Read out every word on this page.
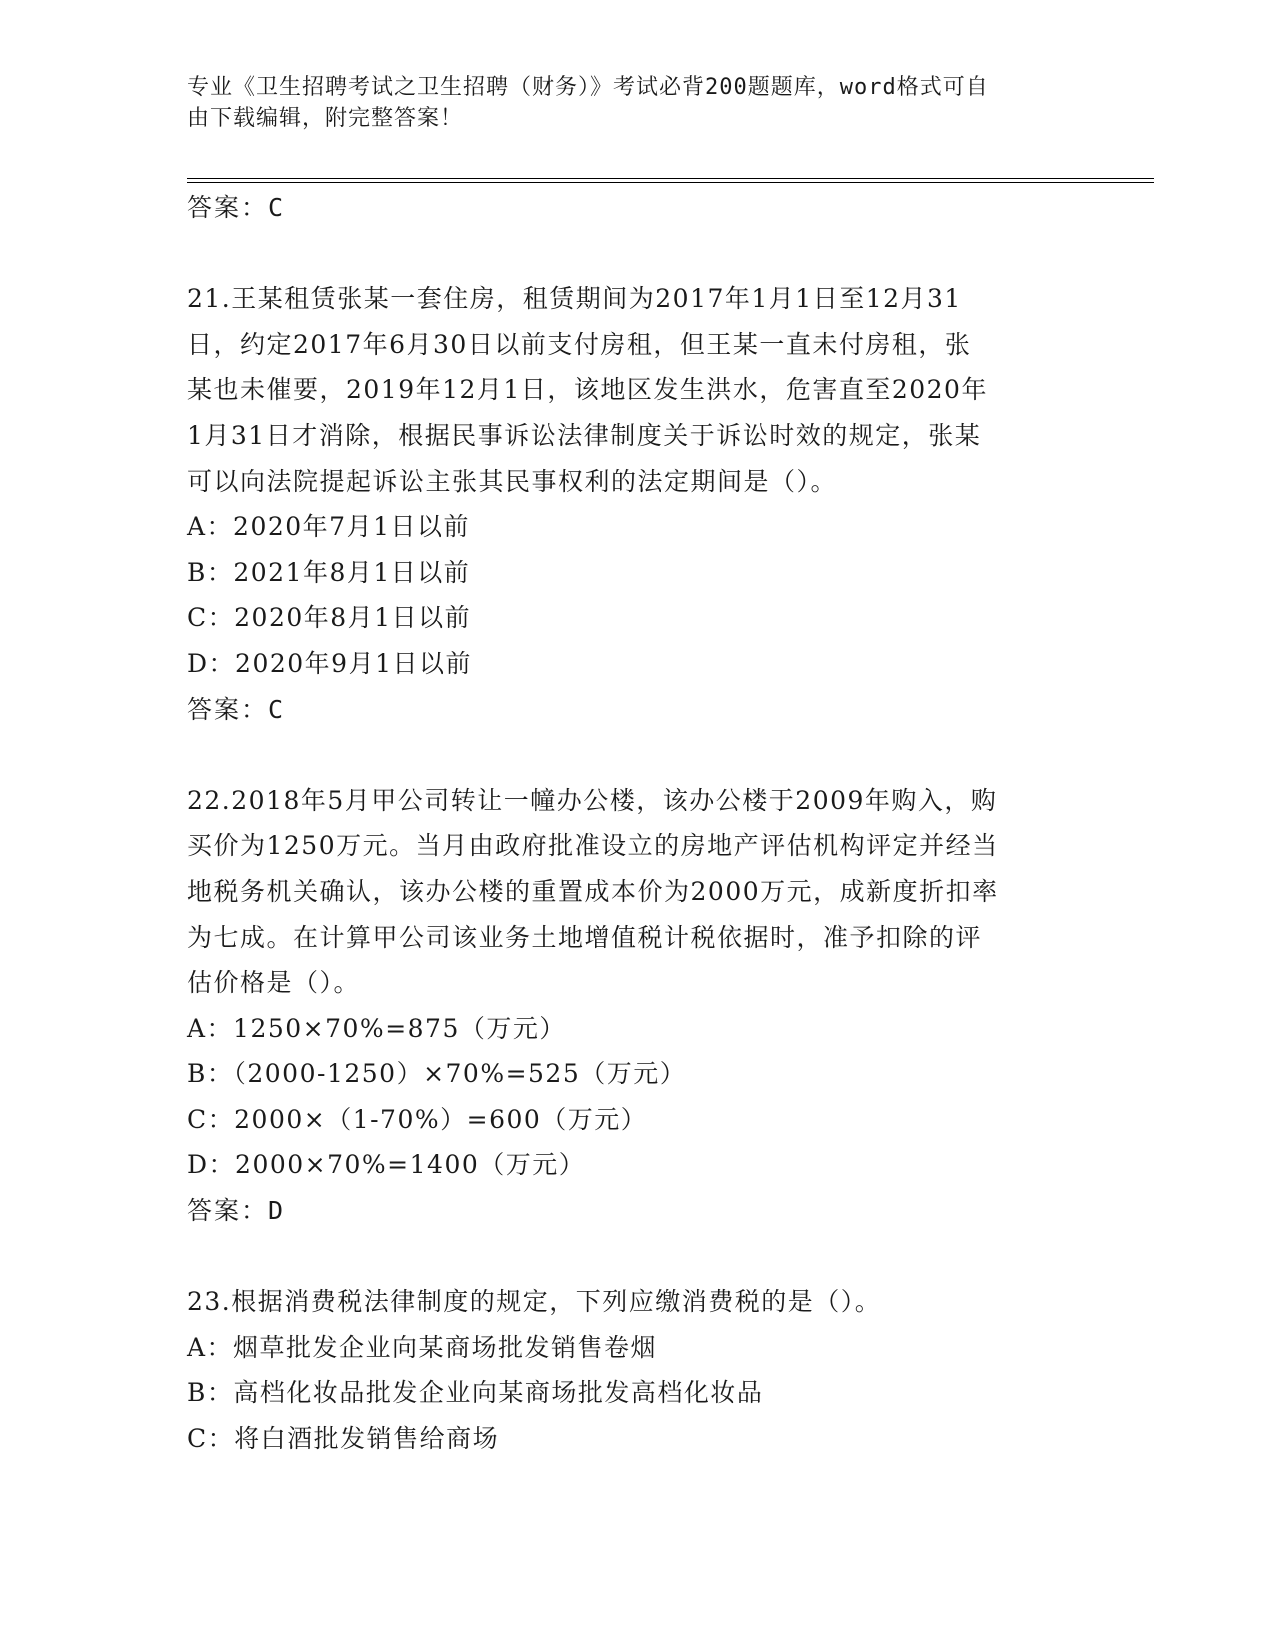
专业《卫生招聘考试之卫生招聘（财务）》考试必背200题题库，word格式可自
由下载编辑，附完整答案！
答案：C
21.王某租赁张某一套住房，租赁期间为2017年1月1日至12月31
日，约定2017年6月30日以前支付房租，但王某一直未付房租，张
某也未催要，2019年12月1日，该地区发生洪水，危害直至2020年
1月31日才消除，根据民事诉讼法律制度关于诉讼时效的规定，张某
可以向法院提起诉讼主张其民事权利的法定期间是（）。
A：2020年7月1日以前
B：2021年8月1日以前
C：2020年8月1日以前
D：2020年9月1日以前
答案：C
22.2018年5月甲公司转让一幢办公楼，该办公楼于2009年购入，购
买价为1250万元。当月由政府批准设立的房地产评估机构评定并经当
地税务机关确认，该办公楼的重置成本价为2000万元，成新度折扣率
为七成。在计算甲公司该业务土地增值税计税依据时，准予扣除的评
估价格是（）。
A：1250×70%=875（万元）
B：（2000-1250）×70%=525（万元）
C：2000×（1-70%）=600（万元）
D：2000×70%=1400（万元）
答案：D
23.根据消费税法律制度的规定，下列应缴消费税的是（）。
A：烟草批发企业向某商场批发销售卷烟
B：高档化妆品批发企业向某商场批发高档化妆品
C：将白酒批发销售给商场
